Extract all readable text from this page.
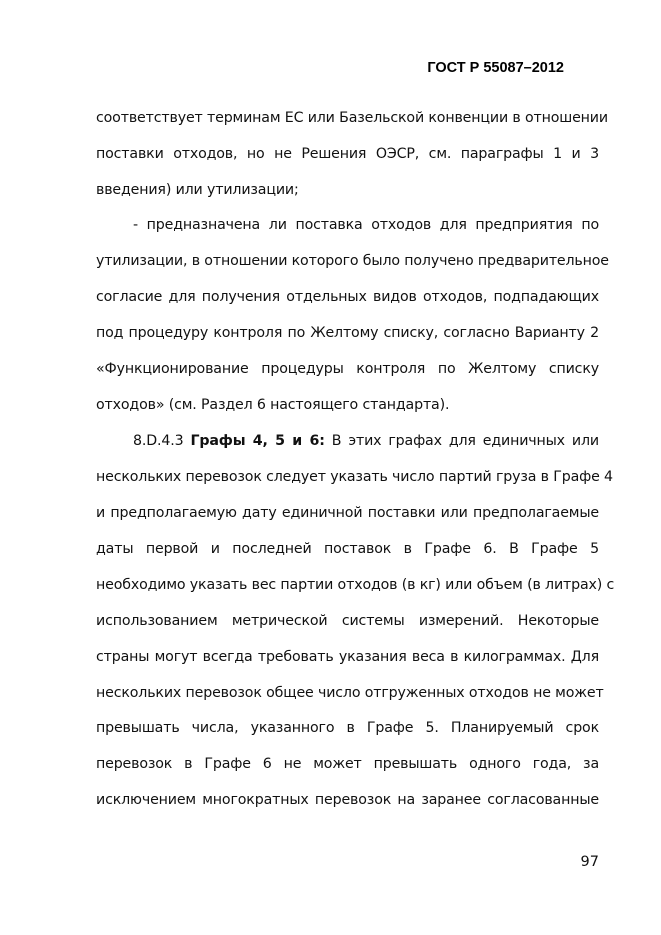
ГОСТ Р 55087–2012
соответствует терминам ЕС или Базельской конвенции в отношении
поставки отходов, но не Решения ОЭСР, см. параграфы 1 и 3
введения) или утилизации;
- предназначена ли поставка отходов для предприятия по
утилизации, в отношении которого было получено предварительное
согласие для получения отдельных видов отходов, подпадающих
под процедуру контроля по Желтому списку, согласно Варианту 2
«Функционирование процедуры контроля по Желтому списку
отходов» (см. Раздел 6 настоящего стандарта).
8.D.4.3 Графы 4, 5 и 6: В этих графах для единичных или
нескольких перевозок следует указать число партий груза в Графе 4
и предполагаемую дату единичной поставки или предполагаемые
даты первой и последней поставок в Графе 6. В Графе 5
необходимо указать вес партии отходов (в кг) или объем (в литрах) с
использованием метрической системы измерений. Некоторые
страны могут всегда требовать указания веса в килограммах. Для
нескольких перевозок общее число отгруженных отходов не может
превышать числа, указанного в Графе 5. Планируемый срок
перевозок в Графе 6 не может превышать одного года, за
исключением многократных перевозок на заранее согласованные
97
